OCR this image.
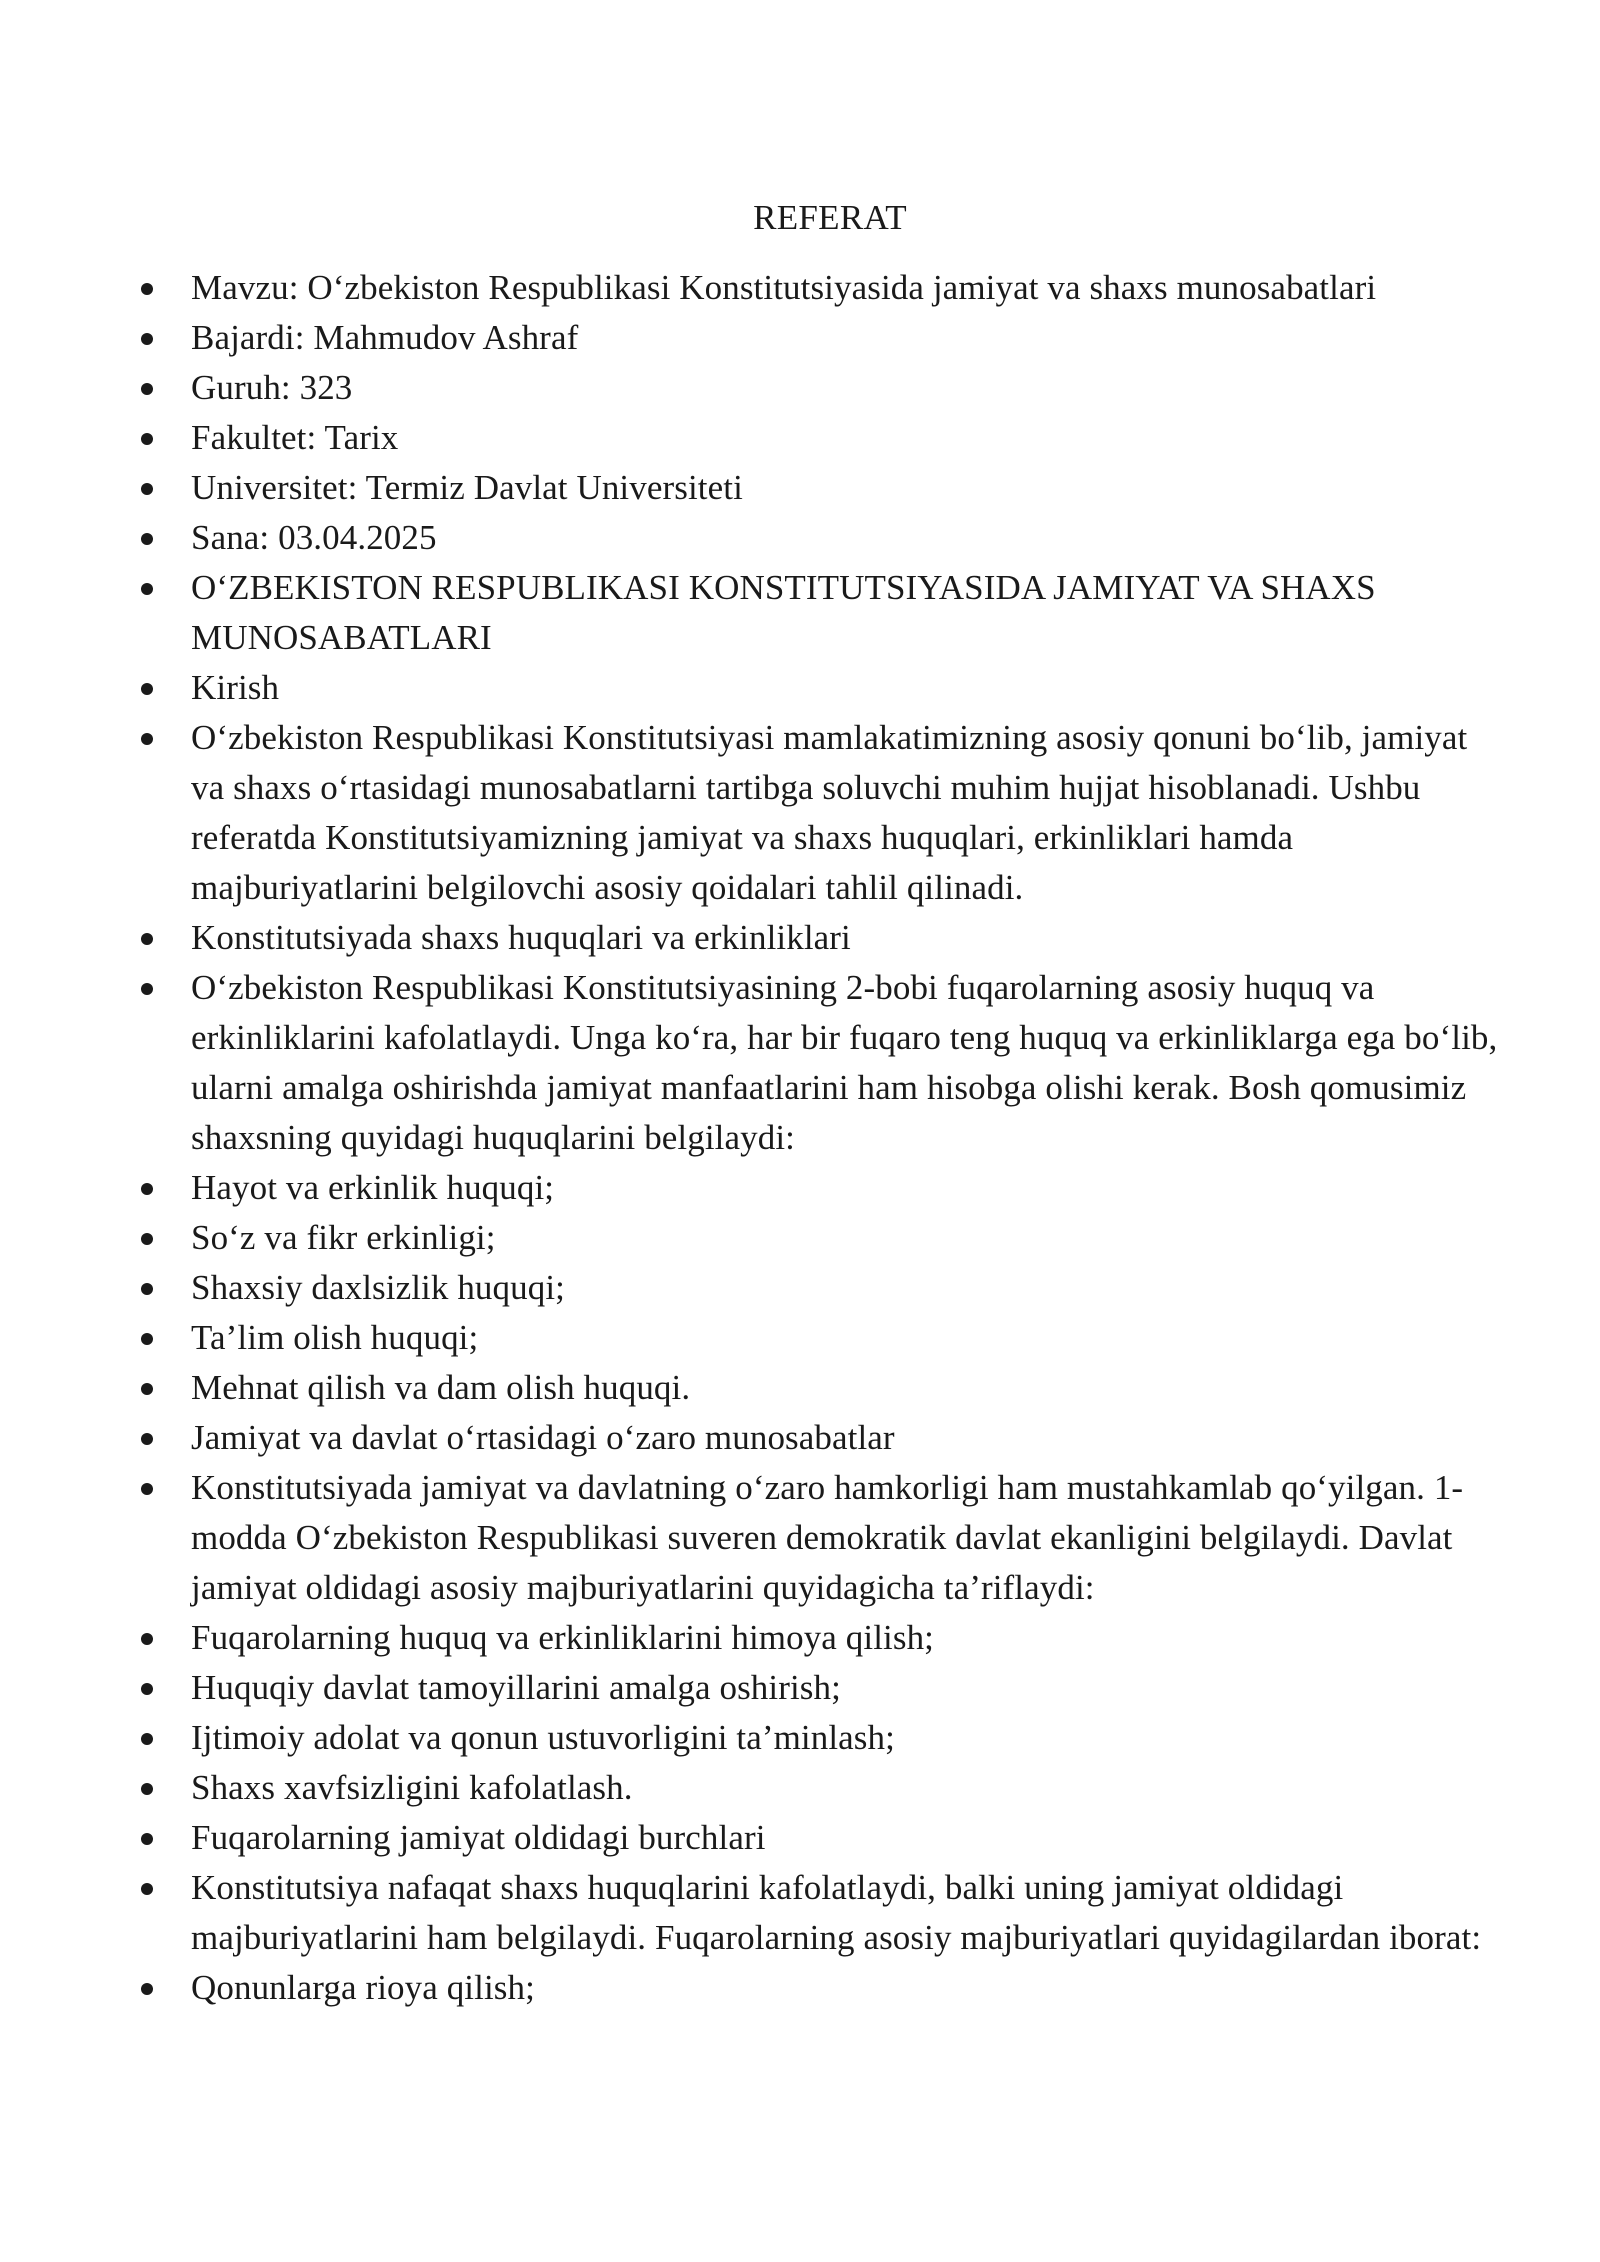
REFERAT
Mavzu: O‘zbekiston Respublikasi Konstitutsiyasida jamiyat va shaxs munosabatlari
Bajardi: Mahmudov Ashraf
Guruh: 323
Fakultet: Tarix
Universitet: Termiz Davlat Universiteti
Sana: 03.04.2025
O‘ZBEKISTON RESPUBLIKASI KONSTITUTSIYASIDA JAMIYAT VA SHAXS MUNOSABATLARI
Kirish
O‘zbekiston Respublikasi Konstitutsiyasi mamlakatimizning asosiy qonuni bo‘lib, jamiyat va shaxs o‘rtasidagi munosabatlarni tartibga soluvchi muhim hujjat hisoblanadi. Ushbu referatda Konstitutsiyamizning jamiyat va shaxs huquqlari, erkinliklari hamda majburiyatlarini belgilovchi asosiy qoidalari tahlil qilinadi.
Konstitutsiyada shaxs huquqlari va erkinliklari
O‘zbekiston Respublikasi Konstitutsiyasining 2-bobi fuqarolarning asosiy huquq va erkinliklarini kafolatlaydi. Unga ko‘ra, har bir fuqaro teng huquq va erkinliklarga ega bo‘lib, ularni amalga oshirishda jamiyat manfaatlarini ham hisobga olishi kerak. Bosh qomusimiz shaxsning quyidagi huquqlarini belgilaydi:
Hayot va erkinlik huquqi;
So‘z va fikr erkinligi;
Shaxsiy daxlsizlik huquqi;
Ta’lim olish huquqi;
Mehnat qilish va dam olish huquqi.
Jamiyat va davlat o‘rtasidagi o‘zaro munosabatlar
Konstitutsiyada jamiyat va davlatning o‘zaro hamkorligi ham mustahkamlab qo‘yilgan. 1-modda O‘zbekiston Respublikasi suveren demokratik davlat ekanligini belgilaydi. Davlat jamiyat oldidagi asosiy majburiyatlarini quyidagicha ta’riflaydi:
Fuqarolarning huquq va erkinliklarini himoya qilish;
Huquqiy davlat tamoyillarini amalga oshirish;
Ijtimoiy adolat va qonun ustuvorligini ta’minlash;
Shaxs xavfsizligini kafolatlash.
Fuqarolarning jamiyat oldidagi burchlari
Konstitutsiya nafaqat shaxs huquqlarini kafolatlaydi, balki uning jamiyat oldidagi majburiyatlarini ham belgilaydi. Fuqarolarning asosiy majburiyatlari quyidagilardan iborat:
Qonunlarga rioya qilish;
